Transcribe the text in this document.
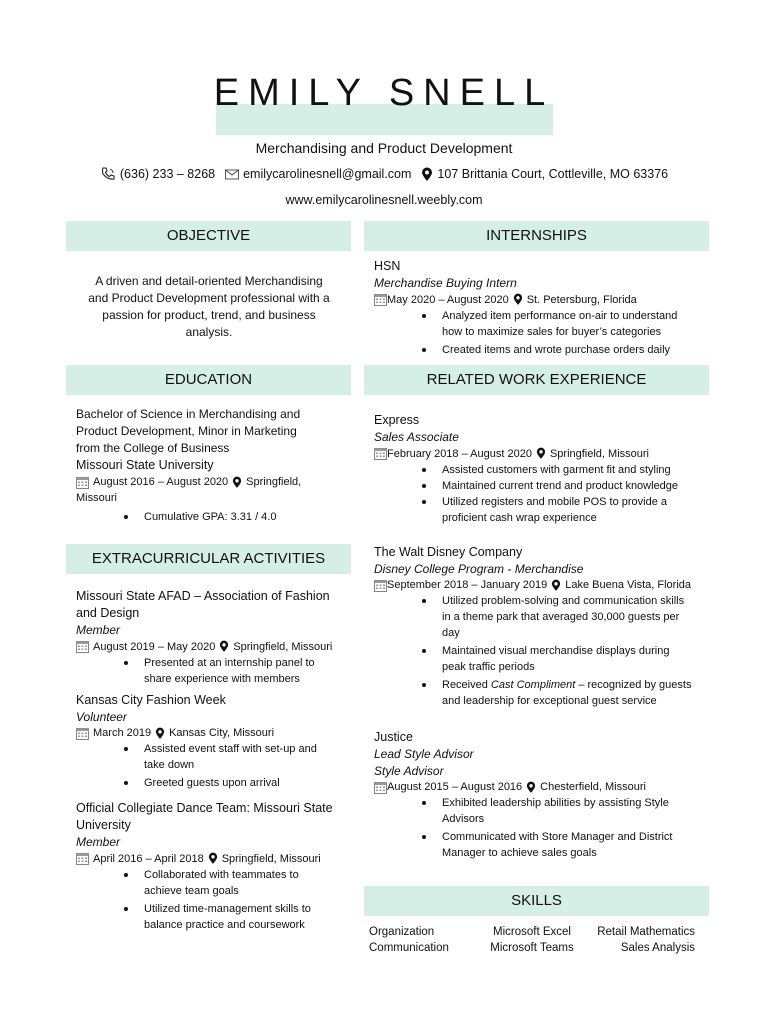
EMILY SNELL
Merchandising and Product Development
(636) 233 – 8268 emilycarolinesnell@gmail.com 107 Brittania Court, Cottleville, MO 63376
www.emilycarolinesnell.weebly.com
OBJECTIVE	INTERNSHIPS
EDUCATION	RELATED WORK EXPERIENCE
EXTRACURRICULAR ACTIVITIES
SKILLS
A driven and detail-oriented Merchandising
and Product Development professional with a
passion for product, trend, and business
analysis.
Bachelor of Science in Merchandising and
Product Development, Minor in Marketing
from the College of Business
Missouri State University
August 2016 – August 2020 Springfield,
Missouri
Cumulative GPA: 3.31 / 4.0
Missouri State AFAD – Association of Fashion
and Design
Member
August 2019 – May 2020 Springfield, Missouri
Presented at an internship panel to
share experience with members
Kansas City Fashion Week
Volunteer
March 2019 Kansas City, Missouri
Assisted event staff with set-up and
take down
Greeted guests upon arrival
Official Collegiate Dance Team: Missouri State
University
Member
April 2016 – April 2018 Springfield, Missouri
Collaborated with teammates to
achieve team goals
Utilized time-management skills to
balance practice and coursework
HSN
Merchandise Buying Intern
May 2020 – August 2020 St. Petersburg, Florida
Analyzed item performance on-air to understand
how to maximize sales for buyer’s categories
Created items and wrote purchase orders daily
Express
Sales Associate
February 2018 – August 2020 Springfield, Missouri
Assisted customers with garment fit and styling
Maintained current trend and product knowledge
Utilized registers and mobile POS to provide a
proficient cash wrap experience
The Walt Disney Company
Disney College Program - Merchandise
September 2018 – January 2019 Lake Buena Vista, Florida
Utilized problem-solving and communication skills
in a theme park that averaged 30,000 guests per
day
Maintained visual merchandise displays during
peak traffic periods
Received Cast Compliment – recognized by guests
and leadership for exceptional guest service
Justice
Lead Style Advisor
Style Advisor
August 2015 – August 2016 Chesterfield, Missouri
Exhibited leadership abilities by assisting Style
Advisors
Communicated with Store Manager and District
Manager to achieve sales goals
Organization	Microsoft Excel	Retail Mathematics
Communication	Microsoft Teams	Sales Analysis
